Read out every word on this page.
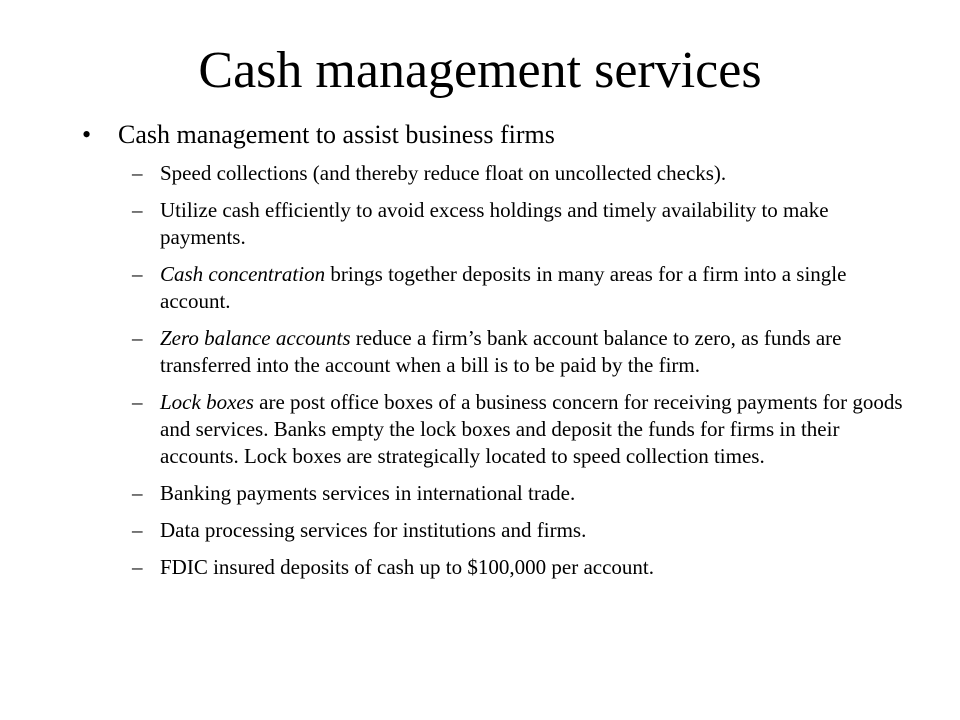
Cash management services
• Cash management to assist business firms
– Speed collections (and thereby reduce float on uncollected checks).
– Utilize cash efficiently to avoid excess holdings and timely availability to make payments.
– Cash concentration brings together deposits in many areas for a firm into a single account.
– Zero balance accounts reduce a firm’s bank account balance to zero, as funds are transferred into the account when a bill is to be paid by the firm.
– Lock boxes are post office boxes of a business concern for receiving payments for goods and services. Banks empty the lock boxes and deposit the funds for firms in their accounts. Lock boxes are strategically located to speed collection times.
– Banking payments services in international trade.
– Data processing services for institutions and firms.
– FDIC insured deposits of cash up to $100,000 per account.
